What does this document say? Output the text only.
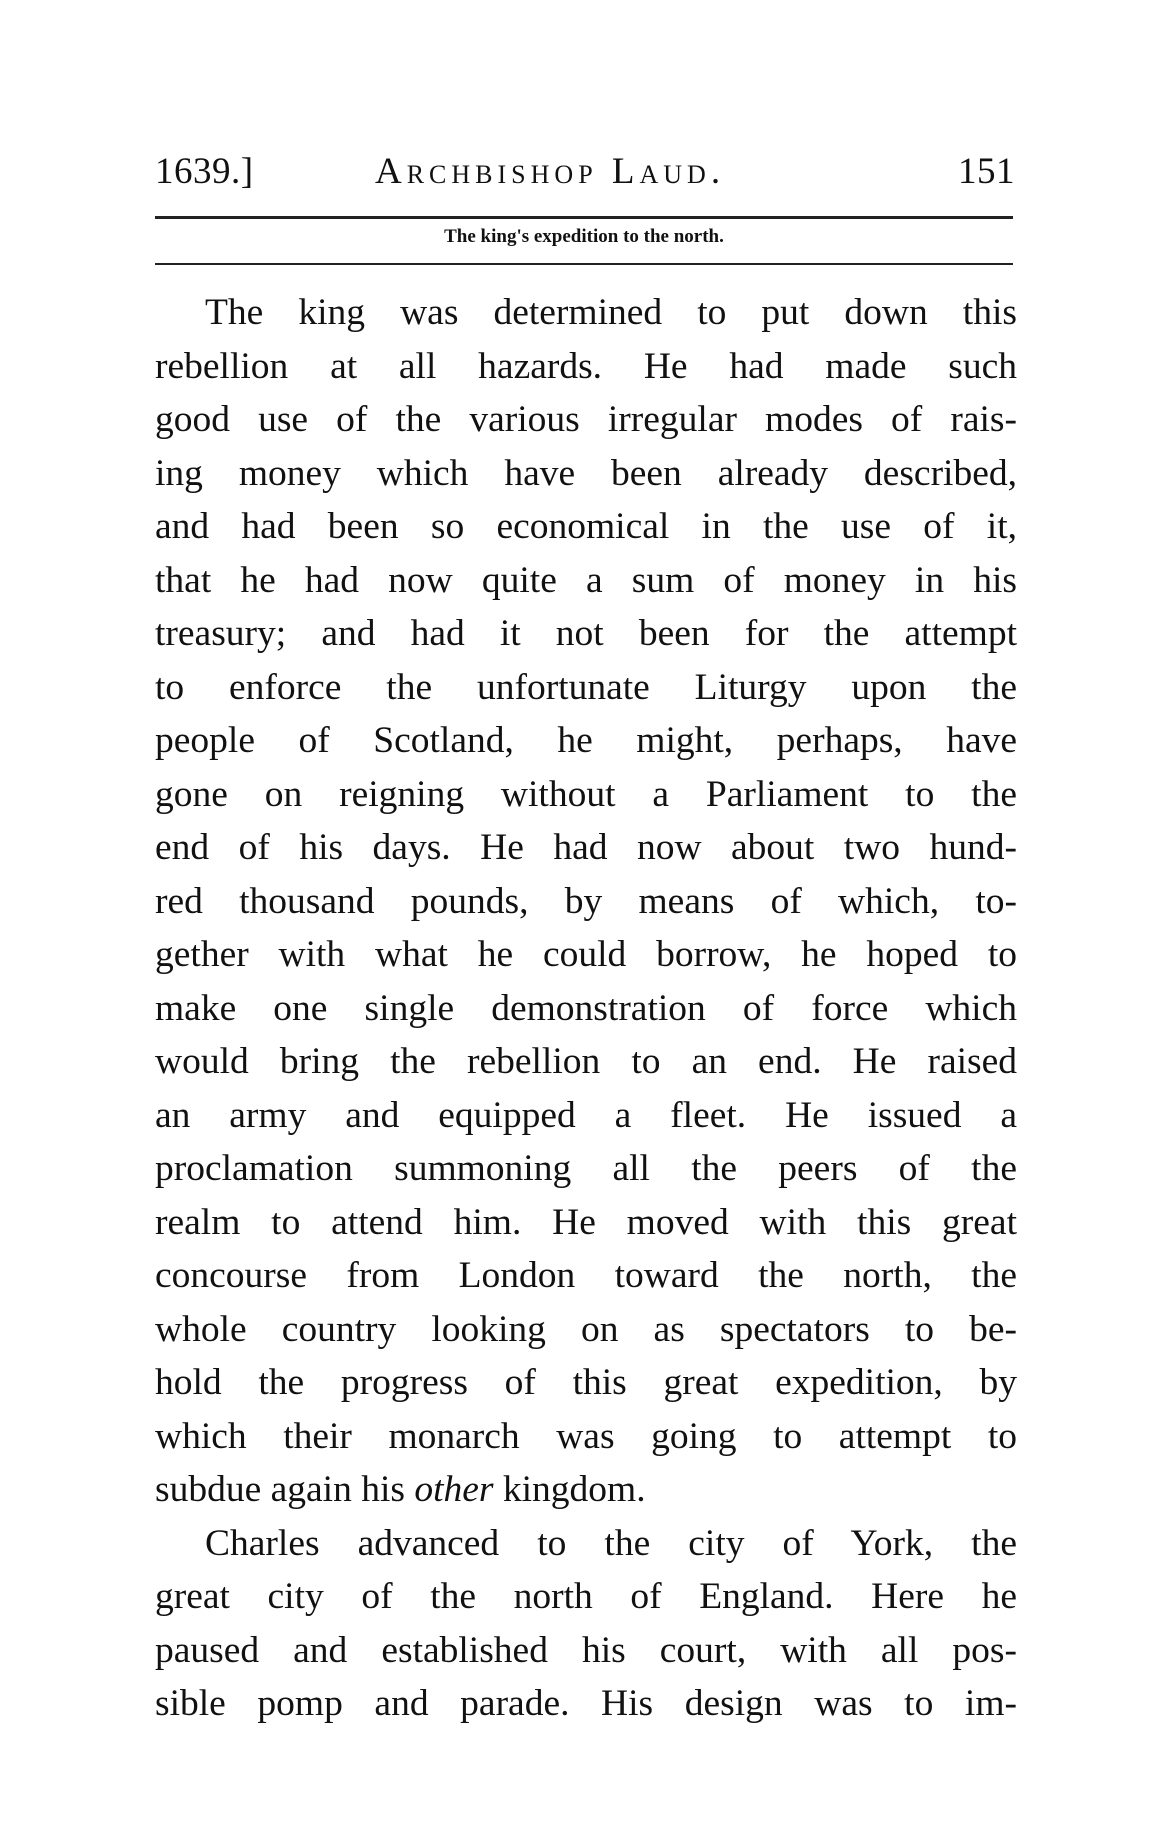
1639.]	Archbishop Laud.	151
The king's expedition to the north.
The king was determined to put down this
rebellion at all hazards. He had made such
good use of the various irregular modes of rais-
ing money which have been already described,
and had been so economical in the use of it,
that he had now quite a sum of money in his
treasury; and had it not been for the attempt
to enforce the unfortunate Liturgy upon the
people of Scotland, he might, perhaps, have
gone on reigning without a Parliament to the
end of his days. He had now about two hund-
red thousand pounds, by means of which, to-
gether with what he could borrow, he hoped to
make one single demonstration of force which
would bring the rebellion to an end. He raised
an army and equipped a fleet. He issued a
proclamation summoning all the peers of the
realm to attend him. He moved with this great
concourse from London toward the north, the
whole country looking on as spectators to be-
hold the progress of this great expedition, by
which their monarch was going to attempt to
subdue again his other kingdom.
Charles advanced to the city of York, the
great city of the north of England. Here he
paused and established his court, with all pos-
sible pomp and parade. His design was to im-
